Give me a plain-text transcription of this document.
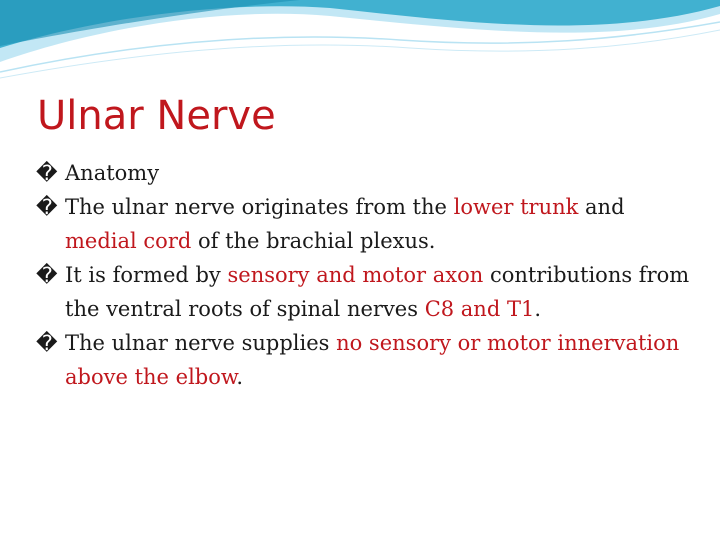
Ulnar Nerve

� Anatomy

� The ulnar nerve originates from the lower trunk and medial cord of the brachial plexus.

� It is formed by sensory and motor axon contributions from the ventral roots of spinal nerves C8 and T1.

� The ulnar nerve supplies no sensory or motor innervation above the elbow.
